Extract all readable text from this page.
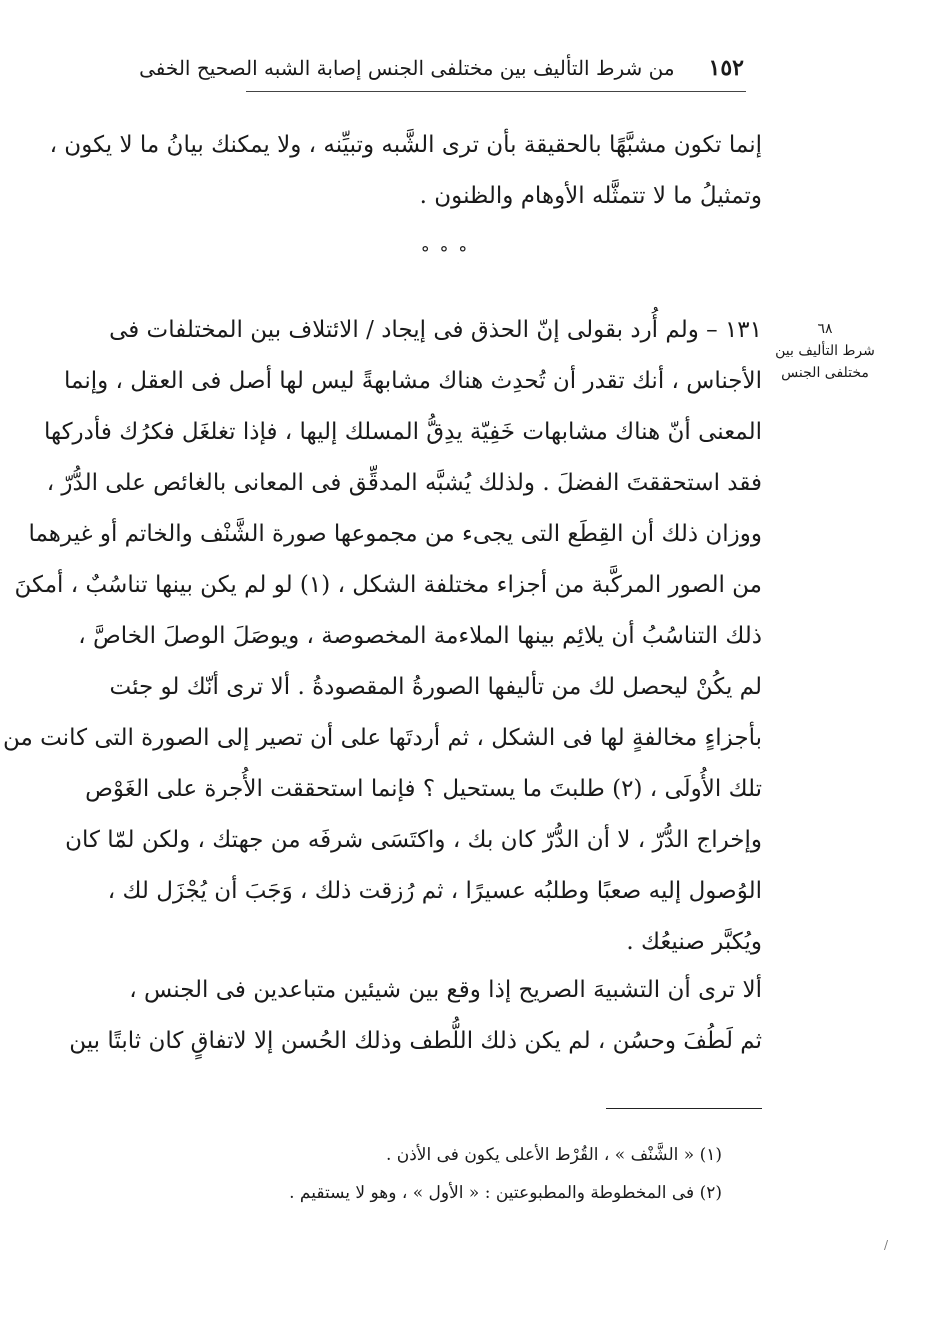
١٥٢
من شرط التأليف بين مختلفى الجنس إصابة الشبه الصحيح الخفى
إنما تكون مشبَّهًا بالحقيقة بأن ترى الشَّبه وتبيِّنه ، ولا يمكنك بيانُ ما لا يكون ،
وتمثيلُ ما لا تتمثَّله الأوهام والظنون .
° ° °
٦٨
شرط التأليف بين
مختلفى الجنس
١٣١ – ولم أُرد بقولى إنّ الحذق فى إيجاد / الائتلاف بين المختلفات فى
الأجناس ، أنك تقدر أن تُحدِث هناك مشابهةً ليس لها أصل فى العقل ، وإنما
المعنى أنّ هناك مشابهات خَفِيّة يدِقُّ المسلك إليها ، فإذا تغلغَل فكرُك فأدركها
فقد استحققتَ الفضلَ . ولذلك يُشبَّه المدقِّق فى المعانى بالغائص على الدُّرّ ،
ووزان ذلك أن القِطَع التى يجىء من مجموعها صورة الشَّنْف والخاتم أو غيرهما
من الصور المركَّبة من أجزاء مختلفة الشكل ، (١) لو لم يكن بينها تناسُبٌ ، أمكنَ
ذلك التناسُبُ أن يلائِم بينها الملاءمة المخصوصة ، ويوصَلَ الوصلَ الخاصَّ ،
لم يكُنْ ليحصل لك من تأليفها الصورةُ المقصودةُ . ألا ترى أنّك لو جئت
بأجزاءٍ مخالفةٍ لها فى الشكل ، ثم أردتَها على أن تصير إلى الصورة التى كانت من
تلك الأُولَى ، (٢) طلبتَ ما يستحيل ؟ فإنما استحققت الأُجرة على الغَوْص
وإخراج الدُّرّ ، لا أن الدُّرّ كان بك ، واكتَسَى شرفَه من جهتك ، ولكن لمّا كان
الوُصول إليه صعبًا وطلبُه عسيرًا ، ثم رُزقت ذلك ، وَجَبَ أن يُجْزَل لك ،
ويُكبَّر صنيعُك .
ألا ترى أن التشبيهَ الصريح إذا وقع بين شيئين متباعدين فى الجنس ،
ثم لَطُفَ وحسُن ، لم يكن ذلك اللُّطف وذلك الحُسن إلا لاتفاقٍ كان ثابتًا بين
(١) « الشَّنْف » ، القُرْط الأعلى يكون فى الأذن .
(٢) فى المخطوطة والمطبوعتين : « الأول » ، وهو لا يستقيم .
/
